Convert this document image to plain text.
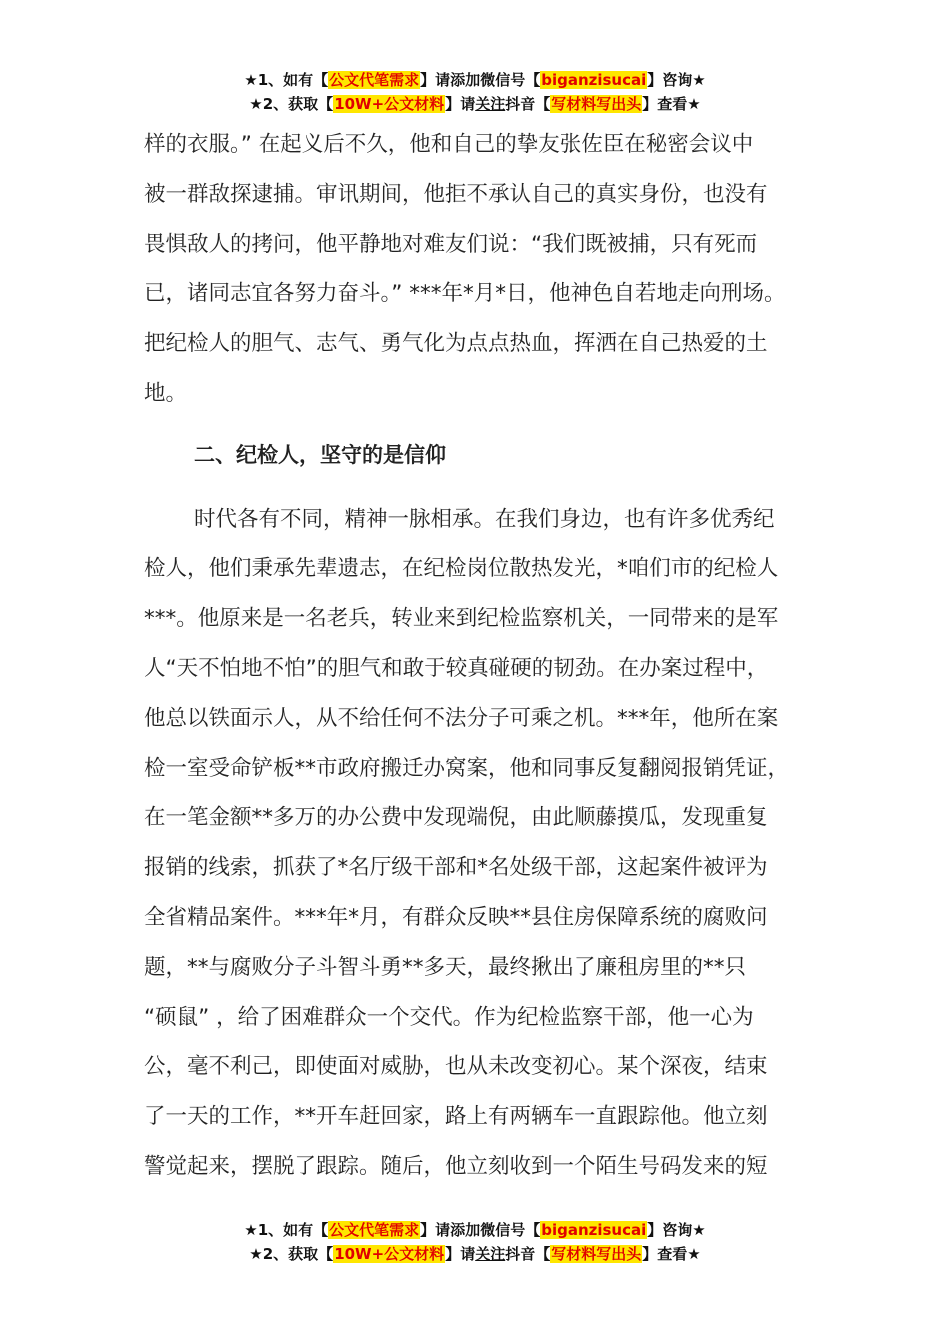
★1、如有【公文代笔需求】请添加微信号【biganzisucai】咨询★
★2、获取【10W+公文材料】请关注抖音【写材料写出头】查看★
样的衣服。” 在起义后不久，他和自己的挚友张佐臣在秘密会议中
被一群敌探逮捕。审讯期间，他拒不承认自己的真实身份，也没有
畏惧敌人的拷问，他平静地对难友们说：“我们既被捕，只有死而
已，诸同志宜各努力奋斗。” ***年*月*日，他神色自若地走向刑场。
把纪检人的胆气、志气、勇气化为点点热血，挥洒在自己热爱的土
地。
二、纪检人，坚守的是信仰
时代各有不同，精神一脉相承。在我们身边，也有许多优秀纪
检人，他们秉承先辈遗志，在纪检岗位散热发光，*咱们市的纪检人
***。他原来是一名老兵，转业来到纪检监察机关，一同带来的是军
人“天不怕地不怕”的胆气和敢于较真碰硬的韧劲。在办案过程中，
他总以铁面示人，从不给任何不法分子可乘之机。***年，他所在案
检一室受命铲板**市政府搬迁办窝案，他和同事反复翻阅报销凭证，
在一笔金额**多万的办公费中发现端倪，由此顺藤摸瓜，发现重复
报销的线索，抓获了*名厅级干部和*名处级干部，这起案件被评为
全省精品案件。***年*月，有群众反映**县住房保障系统的腐败问
题，**与腐败分子斗智斗勇**多天，最终揪出了廉租房里的**只
“硕鼠” ，给了困难群众一个交代。作为纪检监察干部，他一心为
公，毫不利己，即使面对威胁，也从未改变初心。某个深夜，结束
了一天的工作，**开车赶回家，路上有两辆车一直跟踪他。他立刻
警觉起来，摆脱了跟踪。随后，他立刻收到一个陌生号码发来的短
★1、如有【公文代笔需求】请添加微信号【biganzisucai】咨询★
★2、获取【10W+公文材料】请关注抖音【写材料写出头】查看★
